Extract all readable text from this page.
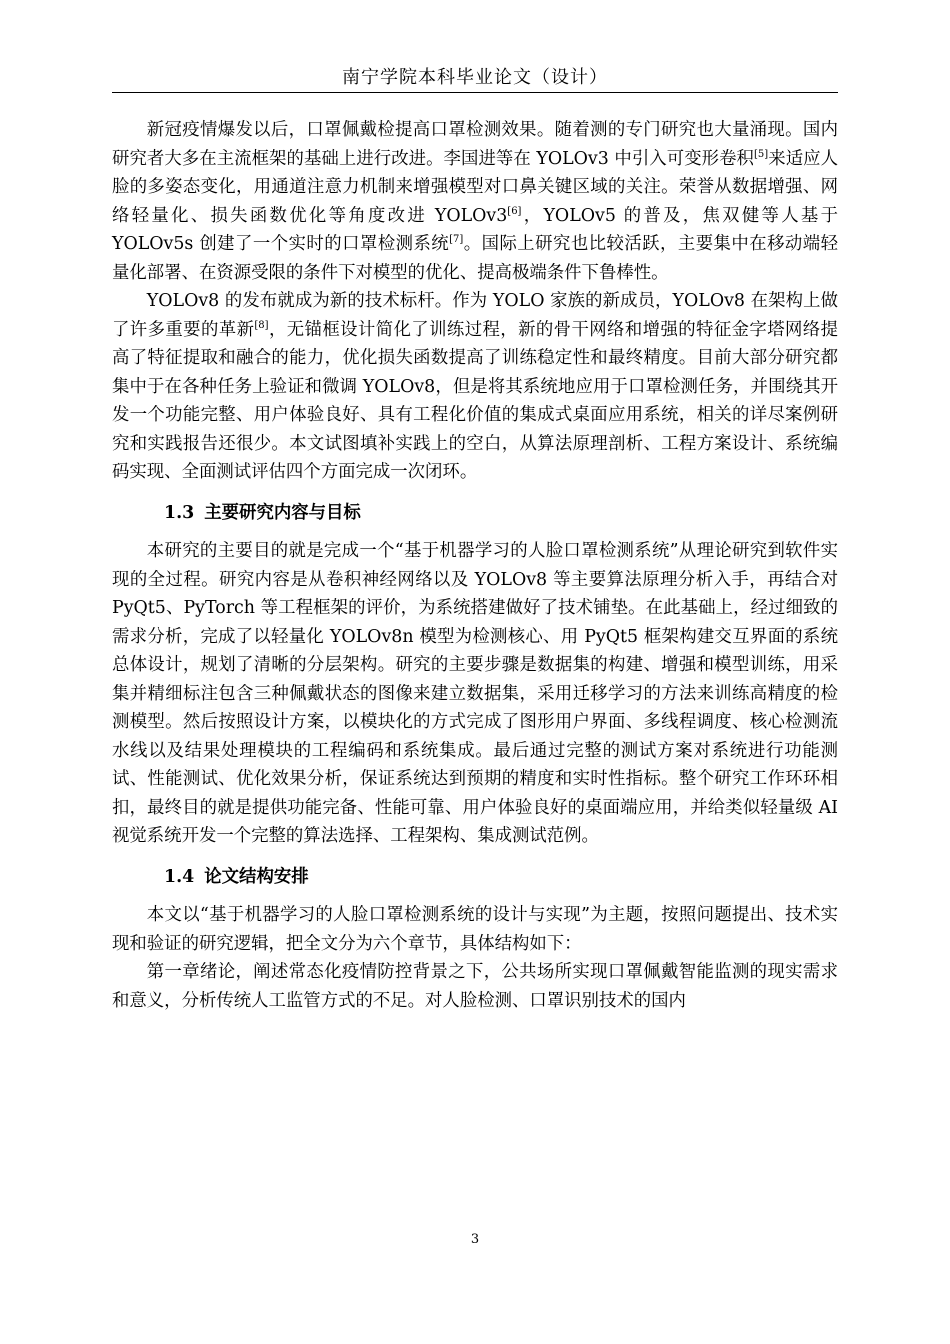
南宁学院本科毕业论文（设计）

新冠疫情爆发以后，口罩佩戴检提高口罩检测效果。随着测的专门研究也大量涌现。国内研究者大多在主流框架的基础上进行改进。李国进等在 YOLOv3 中引入可变形卷积[5]来适应人脸的多姿态变化，用通道注意力机制来增强模型对口鼻关键区域的关注。荣誉从数据增强、网络轻量化、损失函数优化等角度改进 YOLOv3[6]，YOLOv5 的普及，焦双健等人基于 YOLOv5s 创建了一个实时的口罩检测系统[7]。国际上研究也比较活跃，主要集中在移动端轻量化部署、在资源受限的条件下对模型的优化、提高极端条件下鲁棒性。

YOLOv8 的发布就成为新的技术标杆。作为 YOLO 家族的新成员，YOLOv8 在架构上做了许多重要的革新[8]，无锚框设计简化了训练过程，新的骨干网络和增强的特征金字塔网络提高了特征提取和融合的能力，优化损失函数提高了训练稳定性和最终精度。目前大部分研究都集中于在各种任务上验证和微调 YOLOv8，但是将其系统地应用于口罩检测任务，并围绕其开发一个功能完整、用户体验良好、具有工程化价值的集成式桌面应用系统，相关的详尽案例研究和实践报告还很少。本文试图填补实践上的空白，从算法原理剖析、工程方案设计、系统编码实现、全面测试评估四个方面完成一次闭环。

1.3 主要研究内容与目标

本研究的主要目的就是完成一个“基于机器学习的人脸口罩检测系统”从理论研究到软件实现的全过程。研究内容是从卷积神经网络以及 YOLOv8 等主要算法原理分析入手，再结合对 PyQt5、PyTorch 等工程框架的评价，为系统搭建做好了技术铺垫。在此基础上，经过细致的需求分析，完成了以轻量化 YOLOv8n 模型为检测核心、用 PyQt5 框架构建交互界面的系统总体设计，规划了清晰的分层架构。研究的主要步骤是数据集的构建、增强和模型训练，用采集并精细标注包含三种佩戴状态的图像来建立数据集，采用迁移学习的方法来训练高精度的检测模型。然后按照设计方案，以模块化的方式完成了图形用户界面、多线程调度、核心检测流水线以及结果处理模块的工程编码和系统集成。最后通过完整的测试方案对系统进行功能测试、性能测试、优化效果分析，保证系统达到预期的精度和实时性指标。整个研究工作环环相扣，最终目的就是提供功能完备、性能可靠、用户体验良好的桌面端应用，并给类似轻量级 AI 视觉系统开发一个完整的算法选择、工程架构、集成测试范例。

1.4 论文结构安排

本文以“基于机器学习的人脸口罩检测系统的设计与实现”为主题，按照问题提出、技术实现和验证的研究逻辑，把全文分为六个章节，具体结构如下：

第一章绪论，阐述常态化疫情防控背景之下，公共场所实现口罩佩戴智能监测的现实需求和意义，分析传统人工监管方式的不足。对人脸检测、口罩识别技术的国内

3
